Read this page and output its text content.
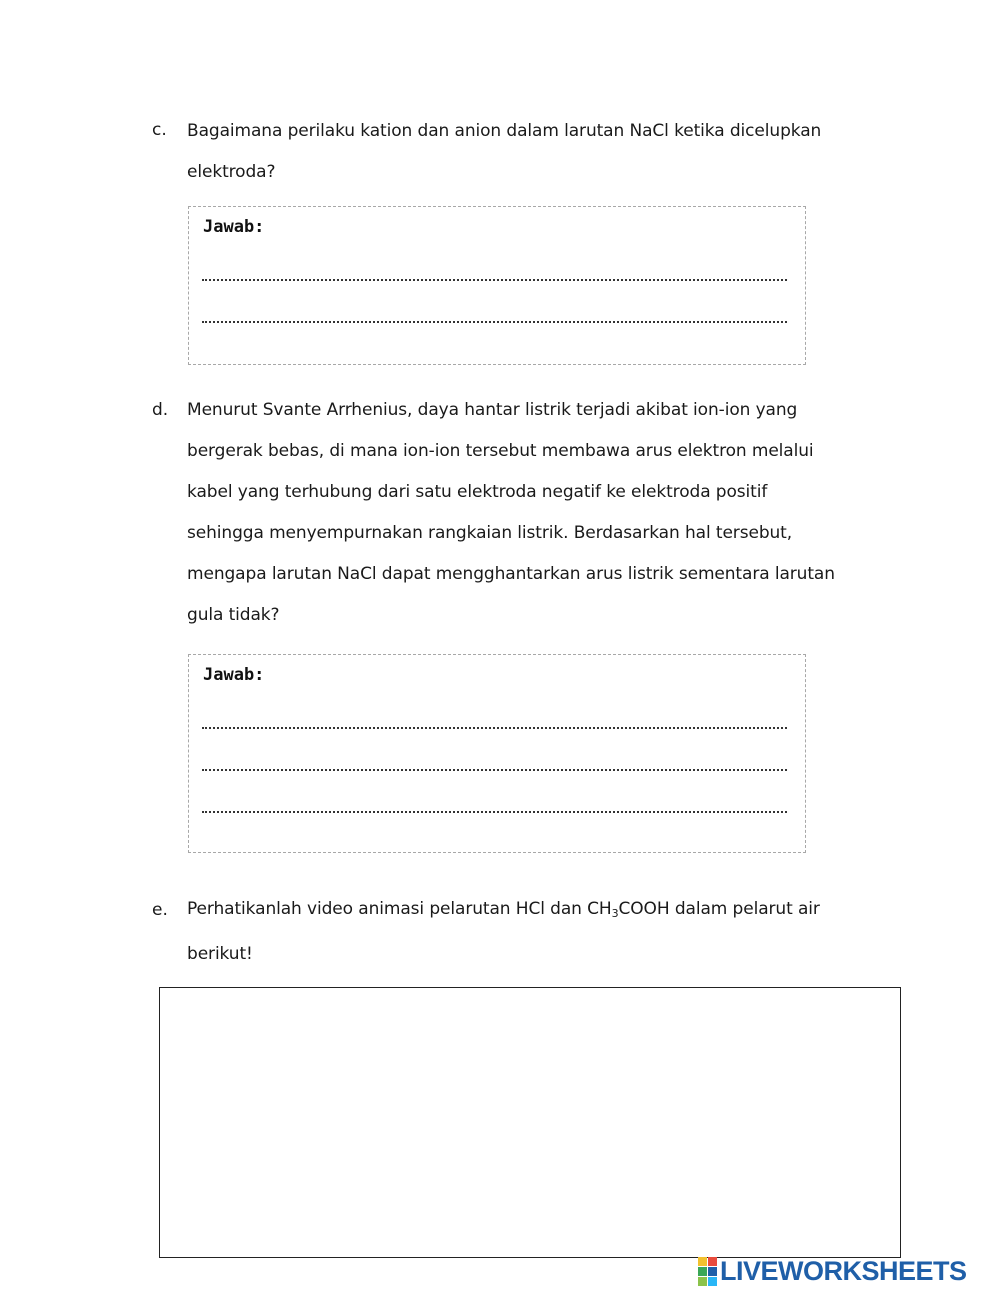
c. Bagaimana perilaku kation dan anion dalam larutan NaCl ketika dicelupkan
elektroda?
Jawab:
d. Menurut Svante Arrhenius, daya hantar listrik terjadi akibat ion-ion yang
bergerak bebas, di mana ion-ion tersebut membawa arus elektron melalui
kabel yang terhubung dari satu elektroda negatif ke elektroda positif
sehingga menyempurnakan rangkaian listrik. Berdasarkan hal tersebut,
mengapa larutan NaCl dapat mengghantarkan arus listrik sementara larutan
gula tidak?
Jawab:
e. Perhatikanlah video animasi pelarutan HCl dan $CH_3COOH$ dalam pelarut air
berikut!
LIVEWORKSHEETS
